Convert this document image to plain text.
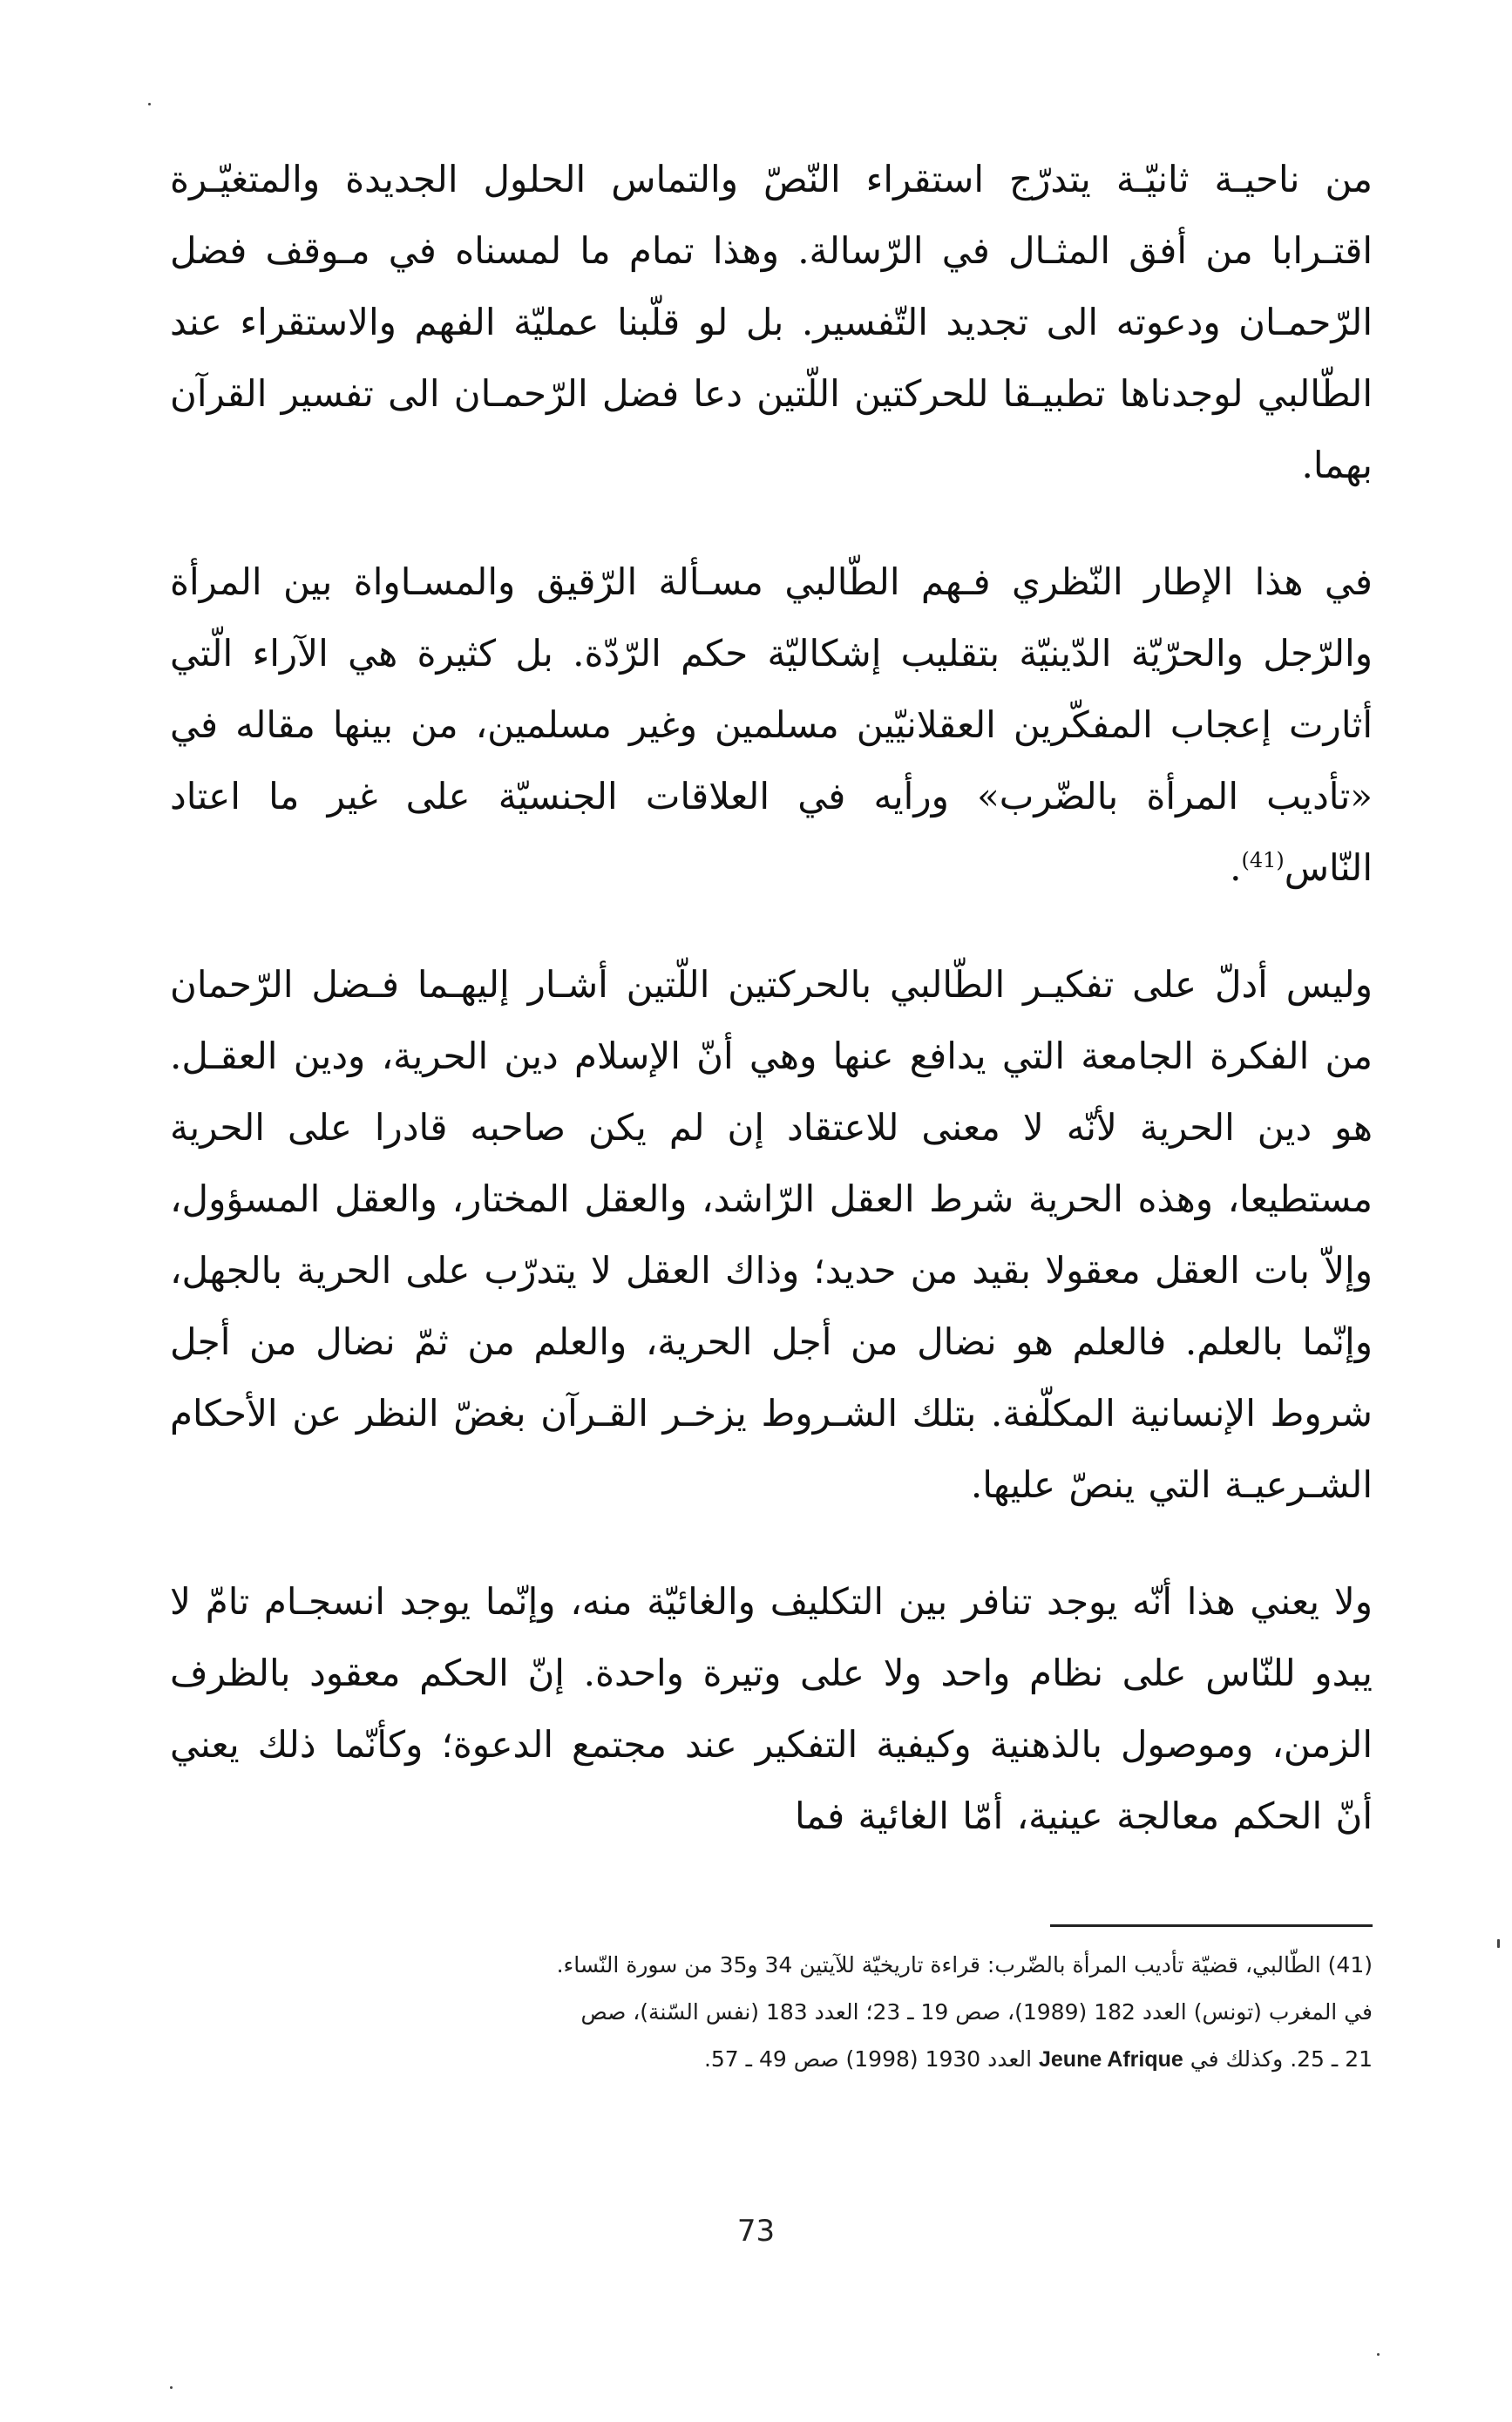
من ناحيـة ثانيّـة يتدرّج استقراء النّصّ والتماس الحلول الجديدة والمتغيّـرة اقتـرابا من أفق المثـال في الرّسالة. وهذا تمام ما لمسناه في مـوقف فضل الرّحمـان ودعوته الى تجديد التّفسير. بل لو قلّبنا عمليّة الفهم والاستقراء عند الطّالبي لوجدناها تطبيـقا للحركتين اللّتين دعا فضل الرّحمـان الى تفسير القرآن بهما.

في هذا الإطار النّظري فـهم الطّالبي مسـألة الرّقيق والمسـاواة بين المرأة والرّجل والحرّيّة الدّينيّة بتقليب إشكاليّة حكم الرّدّة. بل كثيرة هي الآراء الّتي أثارت إعجاب المفكّرين العقلانيّين مسلمين وغير مسلمين، من بينها مقاله في «تأديب المرأة بالضّرب» ورأيه في العلاقات الجنسيّة على غير ما اعتاد النّاس$^{(41)}$.

وليس أدلّ على تفكيـر الطّالبي بالحركتين اللّتين أشـار إليهـما فـضل الرّحمان من الفكرة الجامعة التي يدافع عنها وهي أنّ الإسلام دين الحرية، ودين العقـل. هو دين الحرية لأنّه لا معنى للاعتقاد إن لم يكن صاحبه قادرا على الحرية مستطيعا، وهذه الحرية شرط العقل الرّاشد، والعقل المختار، والعقل المسؤول، وإلاّ بات العقل معقولا بقيد من حديد؛ وذاك العقل لا يتدرّب على الحرية بالجهل، وإنّما بالعلم. فالعلم هو نضال من أجل الحرية، والعلم من ثمّ نضال من أجل شروط الإنسانية المكلّفة. بتلك الشـروط يزخـر القـرآن بغضّ النظر عن الأحكام الشـرعيـة التي ينصّ عليها.

ولا يعني هذا أنّه يوجد تنافر بين التكليف والغائيّة منه، وإنّما يوجد انسجـام تامّ لا يبدو للنّاس على نظام واحد ولا على وتيرة واحدة. إنّ الحكم معقود بالظرف الزمن، وموصول بالذهنية وكيفية التفكير عند مجتمع الدعوة؛ وكأنّما ذلك يعني أنّ الحكم معالجة عينية، أمّا الغائية فما

(41) الطّالبي، قضيّة تأديب المرأة بالضّرب: قراءة تاريخيّة للآيتين 34 و35 من سورة النّساء.

في المغرب (تونس) العدد 182 (1989)، صص 19 ـ 23؛ العدد 183 (نفس السّنة)، صص

21 ـ 25. وكذلك في Jeune Afrique العدد 1930 (1998) صص 49 ـ 57.

73
